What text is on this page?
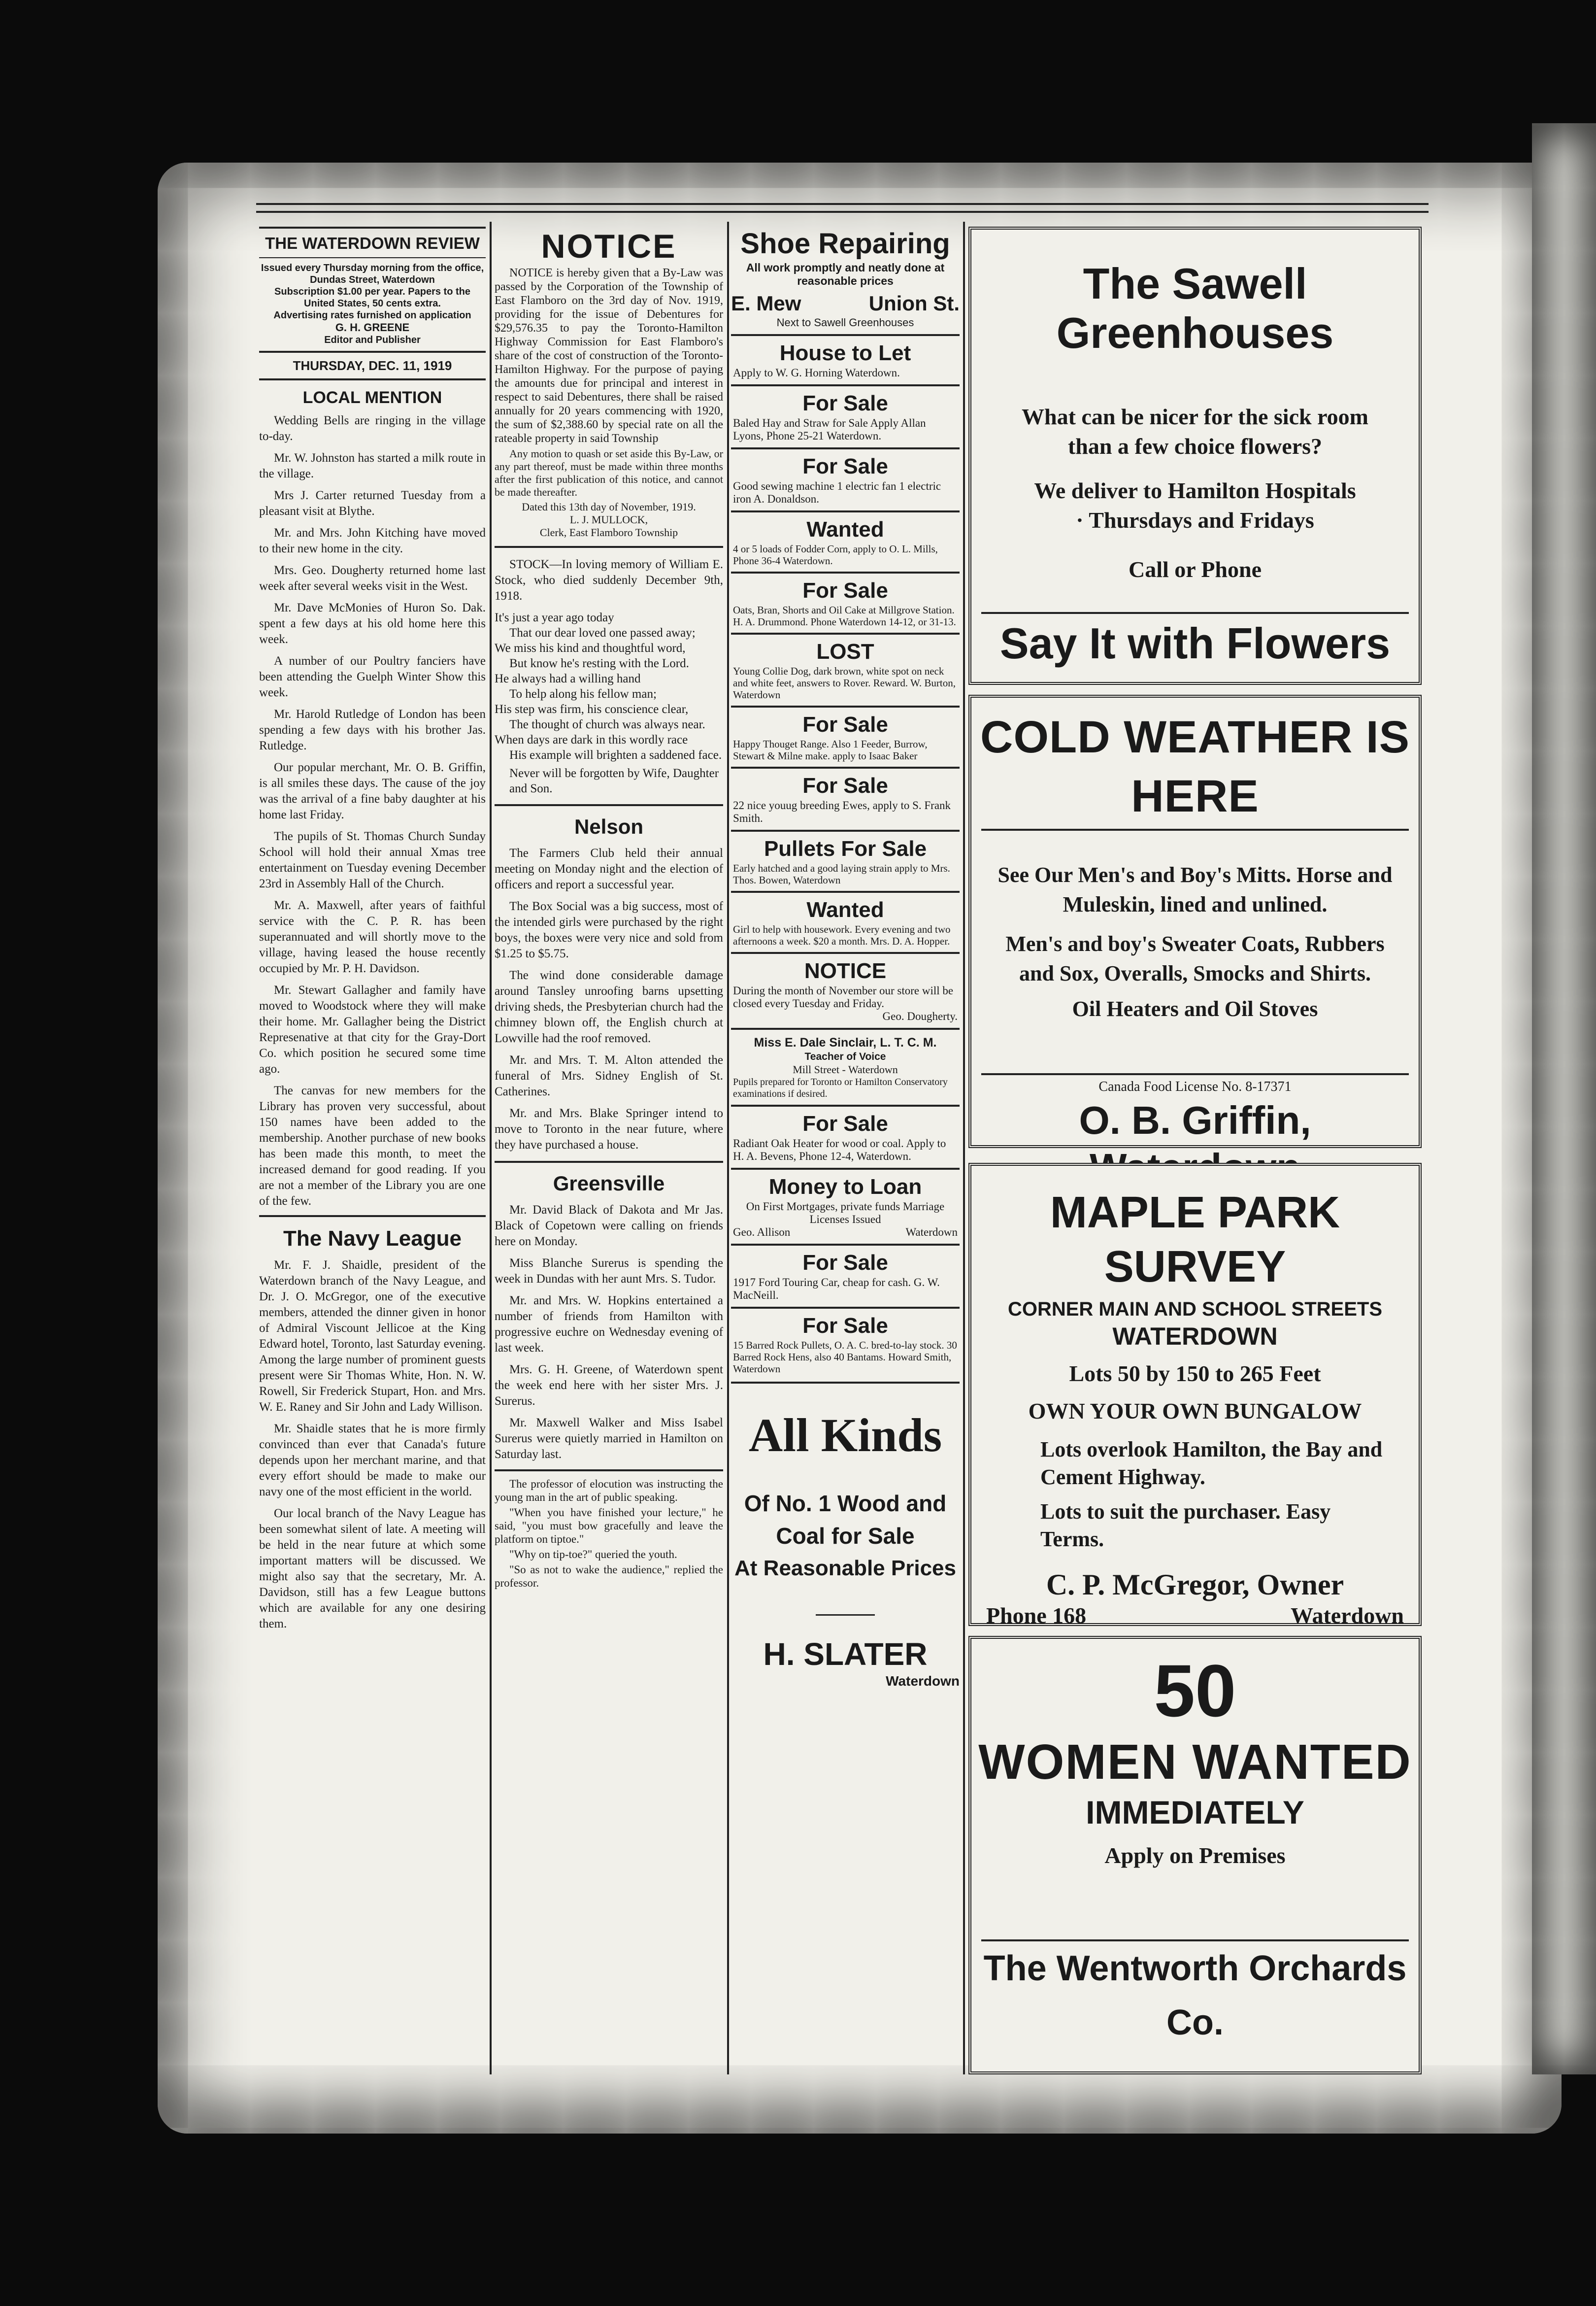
THE WATERDOWN REVIEW

Issued every Thursday morning from the office, Dundas Street, Waterdown

Subscription $1.00 per year. Papers to the United States, 50 cents extra.

Advertising rates furnished on application

G. H. GREENE

Editor and Publisher

THURSDAY, DEC. 11, 1919
LOCAL MENTION

Wedding Bells are ringing in the village to-day.

Mr. W. Johnston has started a milk route in the village.

Mrs J. Carter returned Tuesday from a pleasant visit at Blythe.

Mr. and Mrs. John Kitching have moved to their new home in the city.

Mrs. Geo. Dougherty returned home last week after several weeks visit in the West.

Mr. Dave McMonies of Huron So. Dak. spent a few days at his old home here this week.

A number of our Poultry fanciers have been attending the Guelph Winter Show this week.

Mr. Harold Rutledge of London has been spending a few days with his brother Jas. Rutledge.

Our popular merchant, Mr. O. B. Griffin, is all smiles these days. The cause of the joy was the arrival of a fine baby daughter at his home last Friday.

The pupils of St. Thomas Church Sunday School will hold their annual Xmas tree entertainment on Tuesday evening December 23rd in Assembly Hall of the Church.

Mr. A. Maxwell, after years of faithful service with the C. P. R. has been superannuated and will shortly move to the village, having leased the house recently occupied by Mr. P. H. Davidson.

Mr. Stewart Gallagher and family have moved to Woodstock where they will make their home. Mr. Gallagher being the District Represenative at that city for the Gray-Dort Co. which position he secured some time ago.

The canvas for new members for the Library has proven very successful, about 150 names have been added to the membership. Another purchase of new books has been made this month, to meet the increased demand for good reading. If you are not a member of the Library you are one of the few.

The Navy League

Mr. F. J. Shaidle, president of the Waterdown branch of the Navy League, and Dr. J. O. McGregor, one of the executive members, attended the dinner given in honor of Admiral Viscount Jellicoe at the King Edward hotel, Toronto, last Saturday evening. Among the large number of prominent guests present were Sir Thomas White, Hon. N. W. Rowell, Sir Frederick Stupart, Hon. and Mrs. W. E. Raney and Sir John and Lady Willison.

Mr. Shaidle states that he is more firmly convinced than ever that Canada's future depends upon her merchant marine, and that every effort should be made to make our navy one of the most efficient in the world.

Our local branch of the Navy League has been somewhat silent of late. A meeting will be held in the near future at which some important matters will be discussed. We might also say that the secretary, Mr. A. Davidson, still has a few League buttons which are available for any one desiring them.

NOTICE

NOTICE is hereby given that a By-Law was passed by the Corporation of the Township of East Flamboro on the 3rd day of Nov. 1919, providing for the issue of Debentures for $29,576.35 to pay the Toronto-Hamilton Highway Commission for East Flamboro's share of the cost of construction of the Toronto-Hamilton Highway. For the purpose of paying the amounts due for principal and interest in respect to said Debentures, there shall be raised annually for 20 years commencing with 1920, the sum of $2,388.60 by special rate on all the rateable property in said Township

Any motion to quash or set aside this By-Law, or any part thereof, must be made within three months after the first publication of this notice, and cannot be made thereafter.

Dated this 13th day of November, 1919.

L. J. MULLOCK,

Clerk, East Flamboro Township

STOCK—In loving memory of William E. Stock, who died suddenly December 9th, 1918.

It's just a year ago today

That our dear loved one passed away;

We miss his kind and thoughtful word,

But know he's resting with the Lord.

He always had a willing hand

To help along his fellow man;

His step was firm, his conscience clear,

The thought of church was always near.

When days are dark in this wordly race

His example will brighten a saddened face.

Never will be forgotten by Wife, Daughter and Son.

Nelson

The Farmers Club held their annual meeting on Monday night and the election of officers and report a successful year.

The Box Social was a big success, most of the intended girls were purchased by the right boys, the boxes were very nice and sold from $1.25 to $5.75.

The wind done considerable damage around Tansley unroofing barns upsetting driving sheds, the Presbyterian church had the chimney blown off, the English church at Lowville had the roof removed.

Mr. and Mrs. T. M. Alton attended the funeral of Mrs. Sidney English of St. Catherines.

Mr. and Mrs. Blake Springer intend to move to Toronto in the near future, where they have purchased a house.

Greensville

Mr. David Black of Dakota and Mr Jas. Black of Copetown were calling on friends here on Monday.

Miss Blanche Surerus is spending the week in Dundas with her aunt Mrs. S. Tudor.

Mr. and Mrs. W. Hopkins entertained a number of friends from Hamilton with progressive euchre on Wednesday evening of last week.

Mrs. G. H. Greene, of Waterdown spent the week end here with her sister Mrs. J. Surerus.

Mr. Maxwell Walker and Miss Isabel Surerus were quietly married in Hamilton on Saturday last.

The professor of elocution was instructing the young man in the art of public speaking.

"When you have finished your lecture," he said, "you must bow gracefully and leave the platform on tiptoe."

"Why on tip-toe?" queried the youth.

"So as not to wake the audience," replied the professor.

Shoe Repairing

All work promptly and neatly done at reasonable prices

E. Mew	Union St.

Next to Sawell Greenhouses

House to Let

Apply to W. G. Horning Waterdown.

For Sale

Baled Hay and Straw for Sale Apply Allan Lyons, Phone 25-21 Waterdown.

For Sale

Good sewing machine 1 electric fan 1 electric iron A. Donaldson.

Wanted

4 or 5 loads of Fodder Corn, apply to O. L. Mills, Phone 36-4 Waterdown.

For Sale

Oats, Bran, Shorts and Oil Cake at Millgrove Station. H. A. Drummond. Phone Waterdown 14-12, or 31-13.

LOST

Young Collie Dog, dark brown, white spot on neck and white feet, answers to Rover. Reward. W. Burton, Waterdown

For Sale

Happy Thouget Range. Also 1 Feeder, Burrow, Stewart & Milne make. apply to Isaac Baker

For Sale

22 nice youug breeding Ewes, apply to S. Frank Smith.

Pullets For Sale

Early hatched and a good laying strain apply to Mrs. Thos. Bowen, Waterdown

Wanted

Girl to help with housework. Every evening and two afternoons a week. $20 a month. Mrs. D. A. Hopper.

NOTICE

During the month of November our store will be closed every Tuesday and Friday.

Geo. Dougherty.

Miss E. Dale Sinclair, L. T. C. M.

Teacher of Voice

Mill Street - Waterdown

Pupils prepared for Toronto or Hamilton Conservatory examinations if desired.

For Sale

Radiant Oak Heater for wood or coal. Apply to H. A. Bevens, Phone 12-4, Waterdown.

Money to Loan

On First Mortgages, private funds Marriage Licenses Issued

Geo. Allison	Waterdown
For Sale

1917 Ford Touring Car, cheap for cash. G. W. MacNeill.

For Sale

15 Barred Rock Pullets, O. A. C. bred-to-lay stock. 30 Barred Rock Hens, also 40 Bantams. Howard Smith, Waterdown

All Kinds
Of No. 1 Wood and
Coal for Sale
At Reasonable Prices
H. SLATER
Waterdown
The Sawell Greenhouses
What can be nicer for the sick room
than a few choice flowers?
We deliver to Hamilton Hospitals
· Thursdays and Fridays
Call or Phone
Say It with Flowers
COLD WEATHER IS HERE
See Our Men's and Boy's Mitts. Horse and Muleskin, lined and unlined.
Men's and boy's Sweater Coats, Rubbers and Sox, Overalls, Smocks and Shirts.
Oil Heaters and Oil Stoves
Canada Food License No. 8-17371
O. B. Griffin,
MAPLE PARK SURVEY
CORNER MAIN AND SCHOOL STREETS
WATERDOWN
Lots 50 by 150 to 265 Feet
OWN YOUR OWN BUNGALOW
Lots overlook Hamilton, the Bay and Cement Highway.
Lots to suit the purchaser. Easy Terms.
C. P. McGregor, Owner
Phone 168	Waterdown
50
WOMEN WANTED
IMMEDIATELY
Apply on Premises
The Wentworth Orchards Co.
